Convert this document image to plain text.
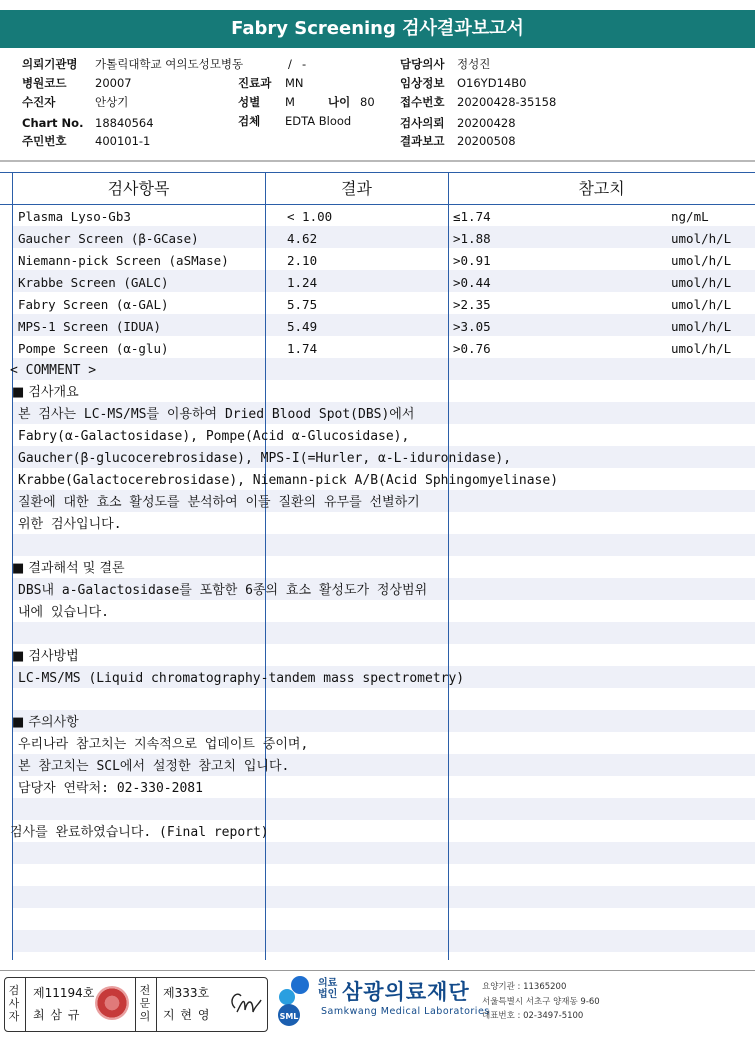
Fabry Screening 검사결과보고서
의뢰기관명 가톨릭대학교 여의도성모병동	/ -	담당의사 정성진
병원코드 20007	진료과 MN	임상정보 O16YD14B0
수진자	안상기	성별 M	나이 80 접수번호 20200428-35158
Chart No. 18840564	검체 EDTA Blood	검사의뢰 20200428
주민번호 400101-1	결과보고 20200508
검사항목	결과	참고치
Plasma Lyso-Gb3	< 1.00	≤1.74	ng/mL
Gaucher Screen (β-GCase)	4.62	>1.88	umol/h/L
Niemann-pick Screen (aSMase)	2.10	>0.91	umol/h/L
Krabbe Screen (GALC)	1.24	>0.44	umol/h/L
Fabry Screen (α-GAL)	5.75	>2.35	umol/h/L
MPS-1 Screen (IDUA)	5.49	>3.05	umol/h/L
Pompe Screen (α-glu)	1.74	>0.76	umol/h/L
< COMMENT >
■ 검사개요
본 검사는 LC-MS/MS를 이용하여 Dried Blood Spot(DBS)에서
Fabry(α-Galactosidase), Pompe(Acid α-Glucosidase),
Gaucher(β-glucocerebrosidase), MPS-I(=Hurler, α-L-iduronidase),
Krabbe(Galactocerebrosidase), Niemann-pick A/B(Acid Sphingomyelinase)
질환에 대한 효소 활성도를 분석하여 이들 질환의 유무를 선별하기
위한 검사입니다.
■ 결과해석 및 결론
DBS내 a-Galactosidase를 포함한 6종의 효소 활성도가 정상범위
내에 있습니다.
■ 검사방법
LC-MS/MS (Liquid chromatography-tandem mass spectrometry)
■ 주의사항
우리나라 참고치는 지속적으로 업데이트 중이며,
본 참고치는 SCL에서 설정한 참고치 입니다.
담당자 연락처: 02-330-2081
검사를 완료하였습니다. (Final report)
검사자
제11194호
최 삼 규
전문의
제333호
지 현 영	SML
의료법인 삼광의료재단
Samkwang Medical Laboratories
요양기관 : 11365200
서울특별시 서초구 양재동 9-60
대표번호 : 02-3497-5100
